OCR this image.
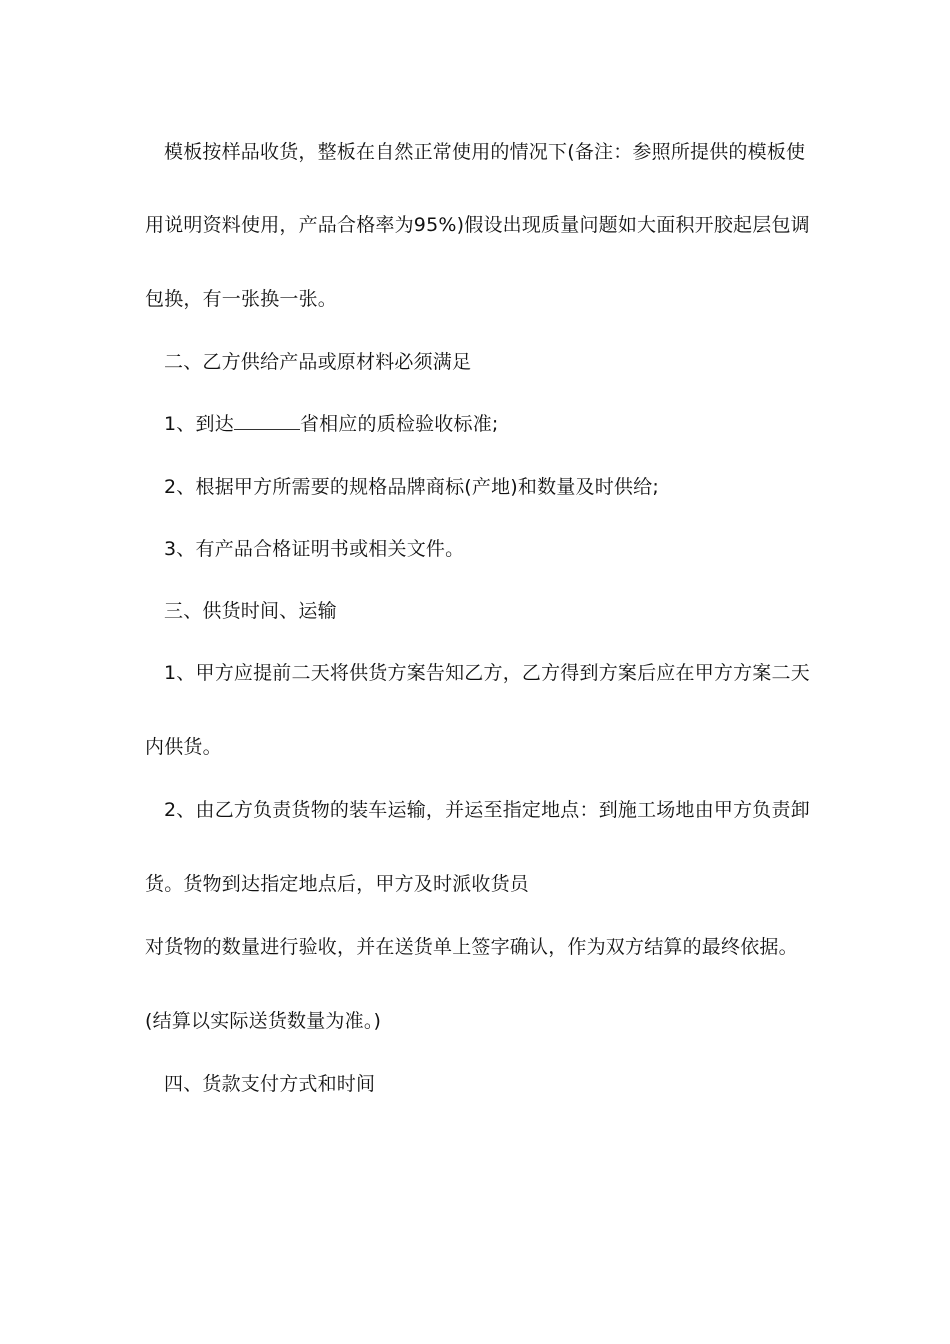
模板按样品收货，整板在自然正常使用的情况下(备注：参照所提供的模板使
用说明资料使用，产品合格率为95%)假设出现质量问题如大面积开胶起层包调
包换，有一张换一张。
二、乙方供给产品或原材料必须满足
1、到达	省相应的质检验收标准;
2、根据甲方所需要的规格品牌商标(产地)和数量及时供给;
3、有产品合格证明书或相关文件。
三、供货时间、运输
1、甲方应提前二天将供货方案告知乙方，乙方得到方案后应在甲方方案二天
内供货。
2、由乙方负责货物的装车运输，并运至指定地点：到施工场地由甲方负责卸
货。货物到达指定地点后，甲方及时派收货员
对货物的数量进行验收，并在送货单上签字确认，作为双方结算的最终依据。
(结算以实际送货数量为准。)
四、货款支付方式和时间
